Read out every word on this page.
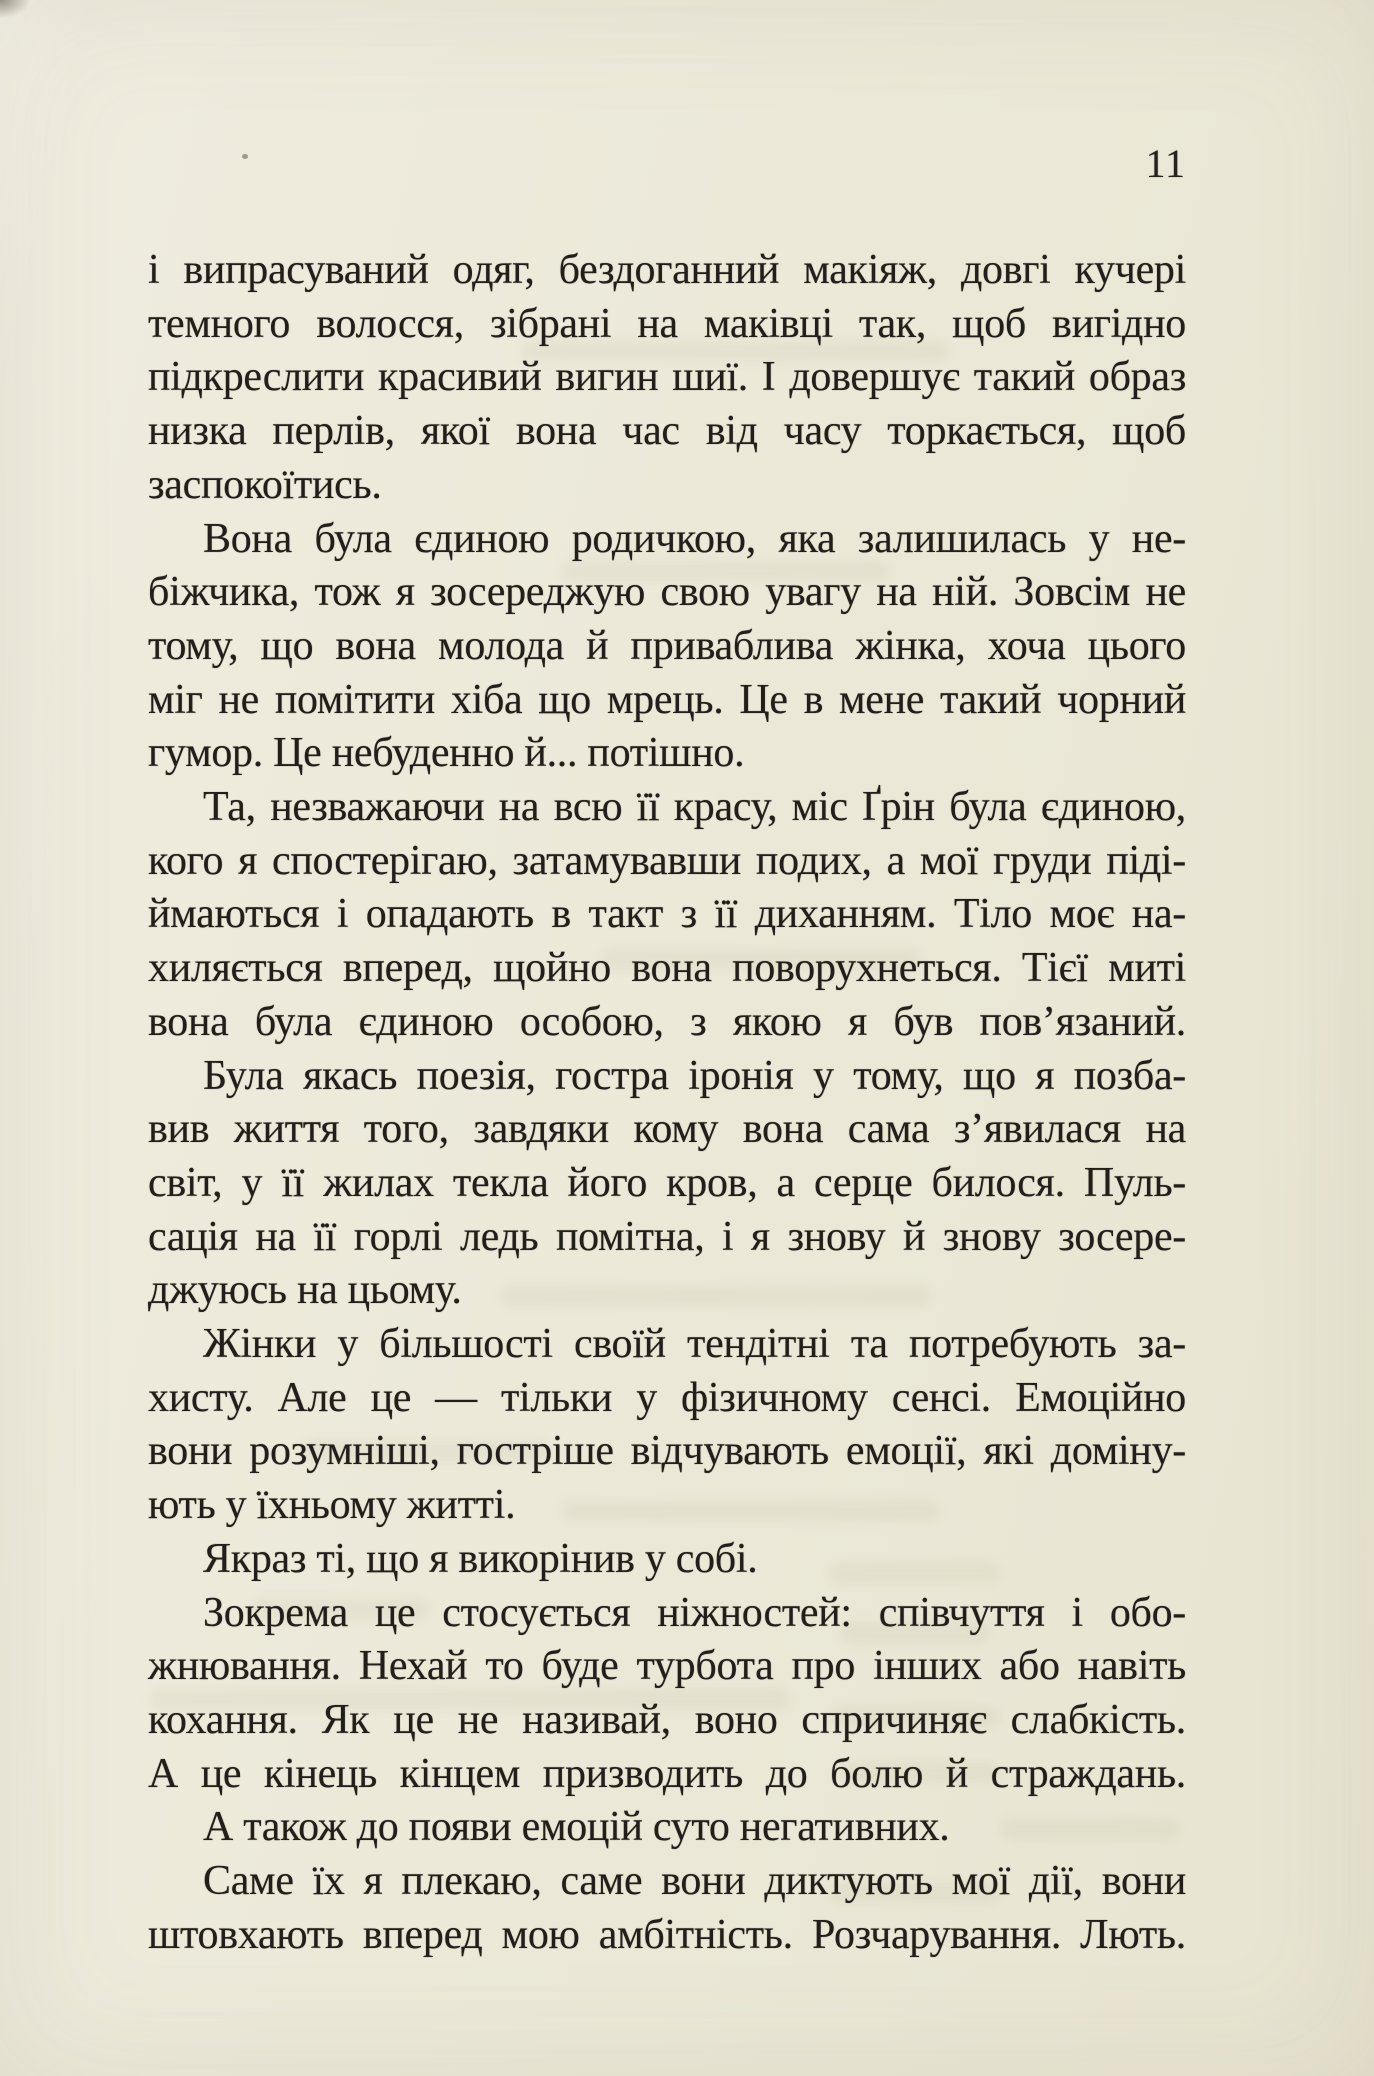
11
і випрасуваний одяг, бездоганний макіяж, довгі кучері
темного волосся, зібрані на маківці так, щоб вигідно
підкреслити красивий вигин шиї. І довершує такий образ
низка перлів, якої вона час від часу торкається, щоб
заспокоїтись.
Вона була єдиною родичкою, яка залишилась у не-
біжчика, тож я зосереджую свою увагу на ній. Зовсім не
тому, що вона молода й приваблива жінка, хоча цього
міг не помітити хіба що мрець. Це в мене такий чорний
гумор. Це небуденно й... потішно.
Та, незважаючи на всю її красу, міс Ґрін була єдиною,
кого я спостерігаю, затамувавши подих, а мої груди піді-
ймаються і опадають в такт з її диханням. Тіло моє на-
хиляється вперед, щойно вона поворухнеться. Тієї миті
вона була єдиною особою, з якою я був пов’язаний.
Була якась поезія, гостра іронія у тому, що я позба-
вив життя того, завдяки кому вона сама з’явилася на
світ, у її жилах текла його кров, а серце билося. Пуль-
сація на її горлі ледь помітна, і я знову й знову зосере-
джуюсь на цьому.
Жінки у більшості своїй тендітні та потребують за-
хисту. Але це — тільки у фізичному сенсі. Емоційно
вони розумніші, гостріше відчувають емоції, які доміну-
ють у їхньому житті.
Якраз ті, що я викорінив у собі.
Зокрема це стосується ніжностей: співчуття і обо-
жнювання. Нехай то буде турбота про інших або навіть
кохання. Як це не називай, воно спричиняє слабкість.
А це кінець кінцем призводить до болю й страждань.
А також до появи емоцій суто негативних.
Саме їх я плекаю, саме вони диктують мої дії, вони
штовхають вперед мою амбітність. Розчарування. Лють.
